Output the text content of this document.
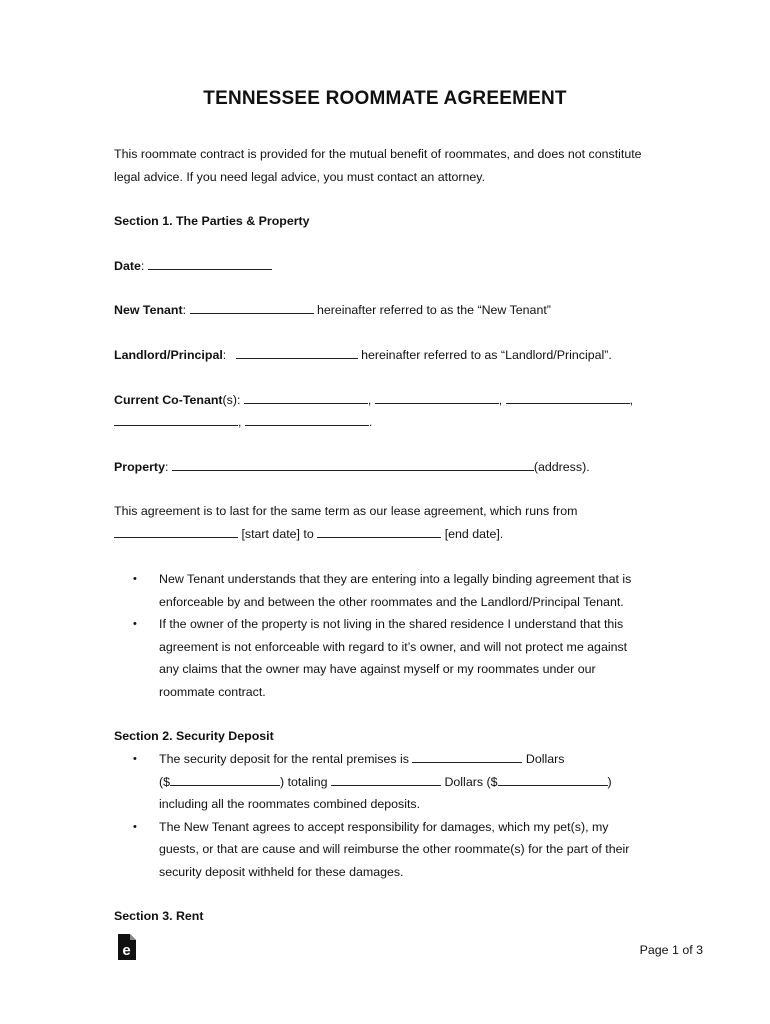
TENNESSEE ROOMMATE AGREEMENT
This roommate contract is provided for the mutual benefit of roommates, and does not constitute
legal advice. If you need legal advice, you must contact an attorney.
Section 1. The Parties & Property
Date:
New Tenant:	hereinafter referred to as the “New Tenant”
Landlord/Principal:	hereinafter referred to as “Landlord/Principal”.
Current Co-Tenant(s):	,	,	,
,	.
Property:	(address).
This agreement is to last for the same term as our lease agreement, which runs from
[start date] to	[end date].
• New Tenant understands that they are entering into a legally binding agreement that is
enforceable by and between the other roommates and the Landlord/Principal Tenant.
• If the owner of the property is not living in the shared residence I understand that this
agreement is not enforceable with regard to it’s owner, and will not protect me against
any claims that the owner may have against myself or my roommates under our
roommate contract.
Section 2. Security Deposit
• The security deposit for the rental premises is	Dollars
($	) totaling	Dollars ($	)
including all the roommates combined deposits.
• The New Tenant agrees to accept responsibility for damages, which my pet(s), my
guests, or that are cause and will reimburse the other roommate(s) for the part of their
security deposit withheld for these damages.
Section 3. Rent
e	Page 1 of 3
